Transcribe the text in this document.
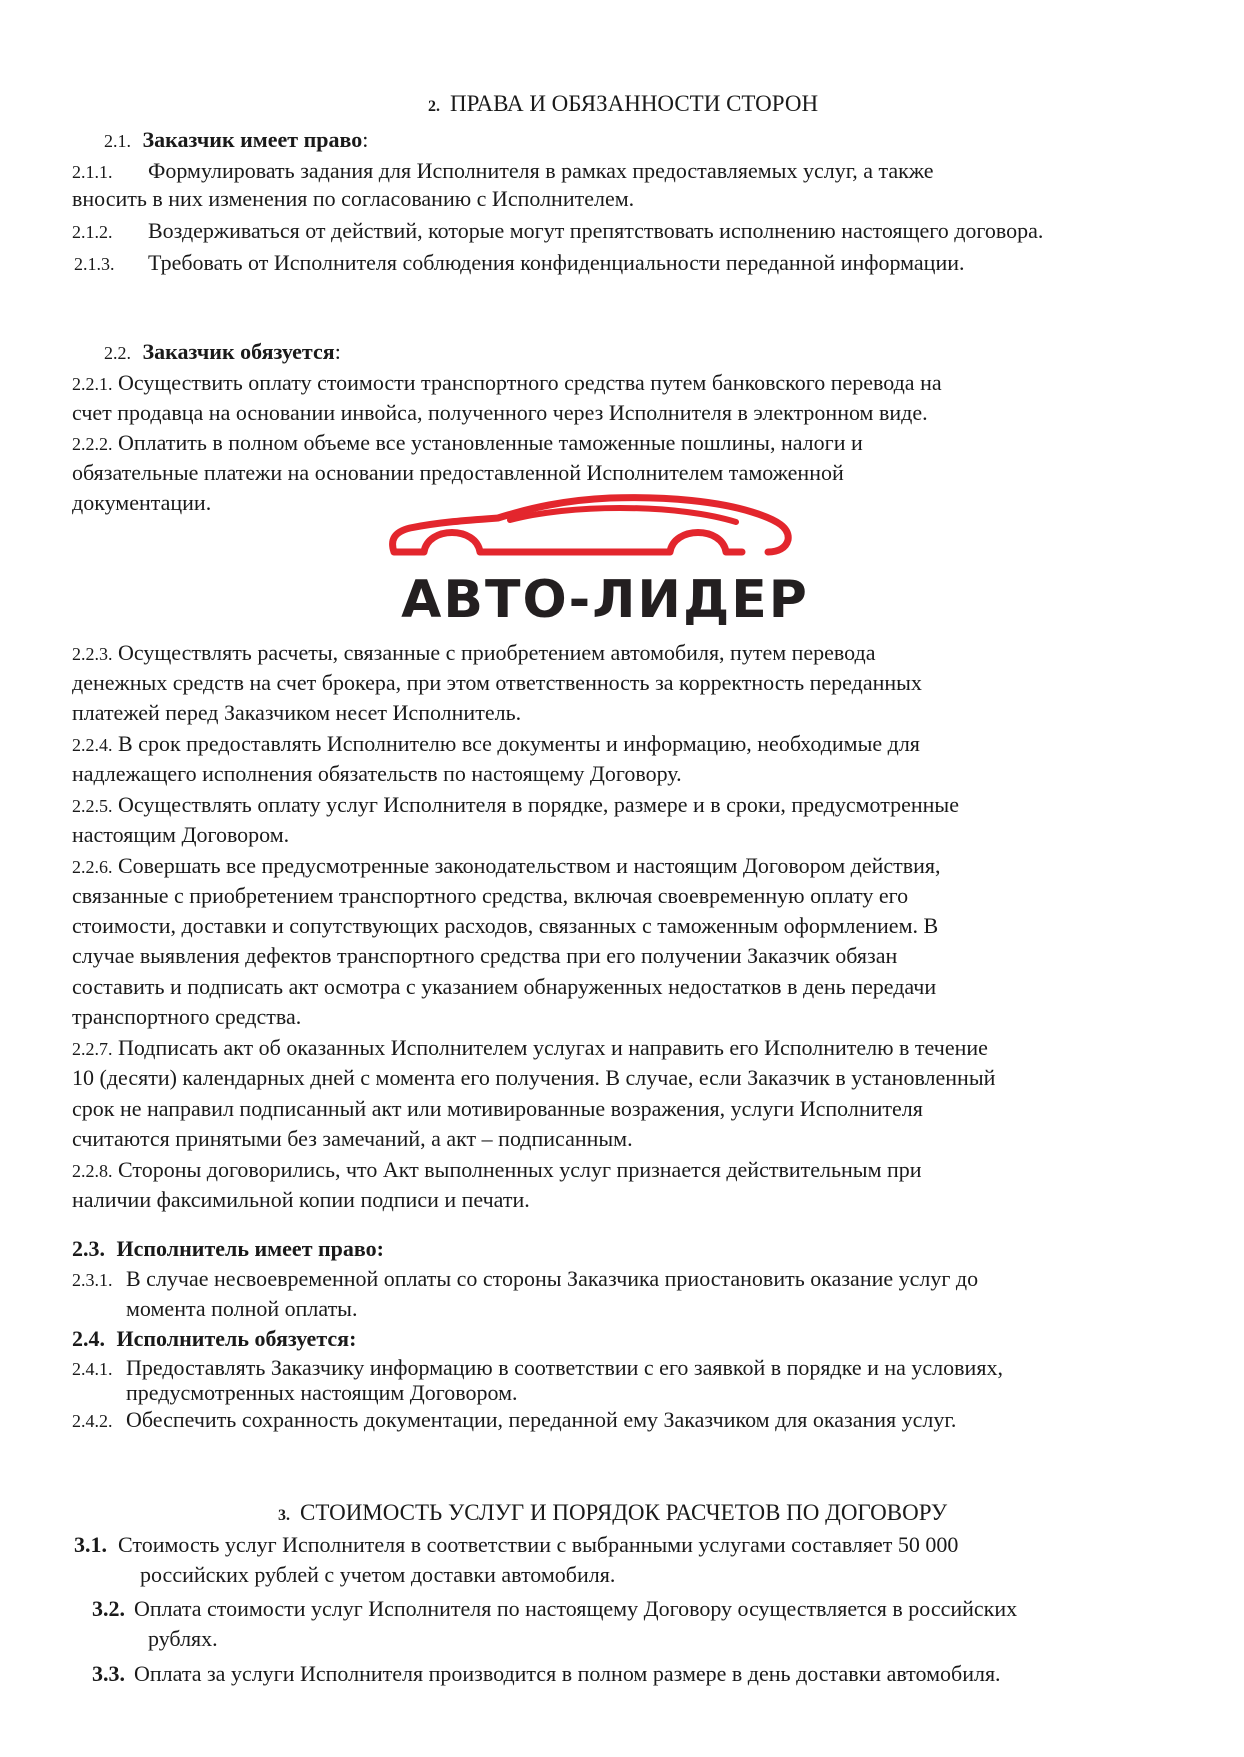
2. ПРАВА И ОБЯЗАННОСТИ СТОРОН
2.1. Заказчик имеет право:
2.1.1. Формулировать задания для Исполнителя в рамках предоставляемых услуг, а также
вносить в них изменения по согласованию с Исполнителем.
2.1.2. Воздерживаться от действий, которые могут препятствовать исполнению настоящего договора.
2.1.3. Требовать от Исполнителя соблюдения конфиденциальности переданной информации.
2.2. Заказчик обязуется:
2.2.1. Осуществить оплату стоимости транспортного средства путем банковского перевода на
счет продавца на основании инвойса, полученного через Исполнителя в электронном виде.
2.2.2. Оплатить в полном объеме все установленные таможенные пошлины, налоги и
обязательные платежи на основании предоставленной Исполнителем таможенной
документации.
АВТО-ЛИДЕР
2.2.3. Осуществлять расчеты, связанные с приобретением автомобиля, путем перевода
денежных средств на счет брокера, при этом ответственность за корректность переданных
платежей перед Заказчиком несет Исполнитель.
2.2.4. В срок предоставлять Исполнителю все документы и информацию, необходимые для
надлежащего исполнения обязательств по настоящему Договору.
2.2.5. Осуществлять оплату услуг Исполнителя в порядке, размере и в сроки, предусмотренные
настоящим Договором.
2.2.6. Совершать все предусмотренные законодательством и настоящим Договором действия,
связанные с приобретением транспортного средства, включая своевременную оплату его
стоимости, доставки и сопутствующих расходов, связанных с таможенным оформлением. В
случае выявления дефектов транспортного средства при его получении Заказчик обязан
составить и подписать акт осмотра с указанием обнаруженных недостатков в день передачи
транспортного средства.
2.2.7. Подписать акт об оказанных Исполнителем услугах и направить его Исполнителю в течение
10 (десяти) календарных дней с момента его получения. В случае, если Заказчик в установленный
срок не направил подписанный акт или мотивированные возражения, услуги Исполнителя
считаются принятыми без замечаний, а акт – подписанным.
2.2.8. Стороны договорились, что Акт выполненных услуг признается действительным при
наличии факсимильной копии подписи и печати.
2.3. Исполнитель имеет право:
2.3.1. В случае несвоевременной оплаты со стороны Заказчика приостановить оказание услуг до
момента полной оплаты.
2.4. Исполнитель обязуется:
2.4.1. Предоставлять Заказчику информацию в соответствии с его заявкой в порядке и на условиях,
предусмотренных настоящим Договором.
2.4.2. Обеспечить сохранность документации, переданной ему Заказчиком для оказания услуг.
3. СТОИМОСТЬ УСЛУГ И ПОРЯДОК РАСЧЕТОВ ПО ДОГОВОРУ
3.1. Стоимость услуг Исполнителя в соответствии с выбранными услугами составляет 50 000
российских рублей с учетом доставки автомобиля.
3.2. Оплата стоимости услуг Исполнителя по настоящему Договору осуществляется в российских
рублях.
3.3. Оплата за услуги Исполнителя производится в полном размере в день доставки автомобиля.
